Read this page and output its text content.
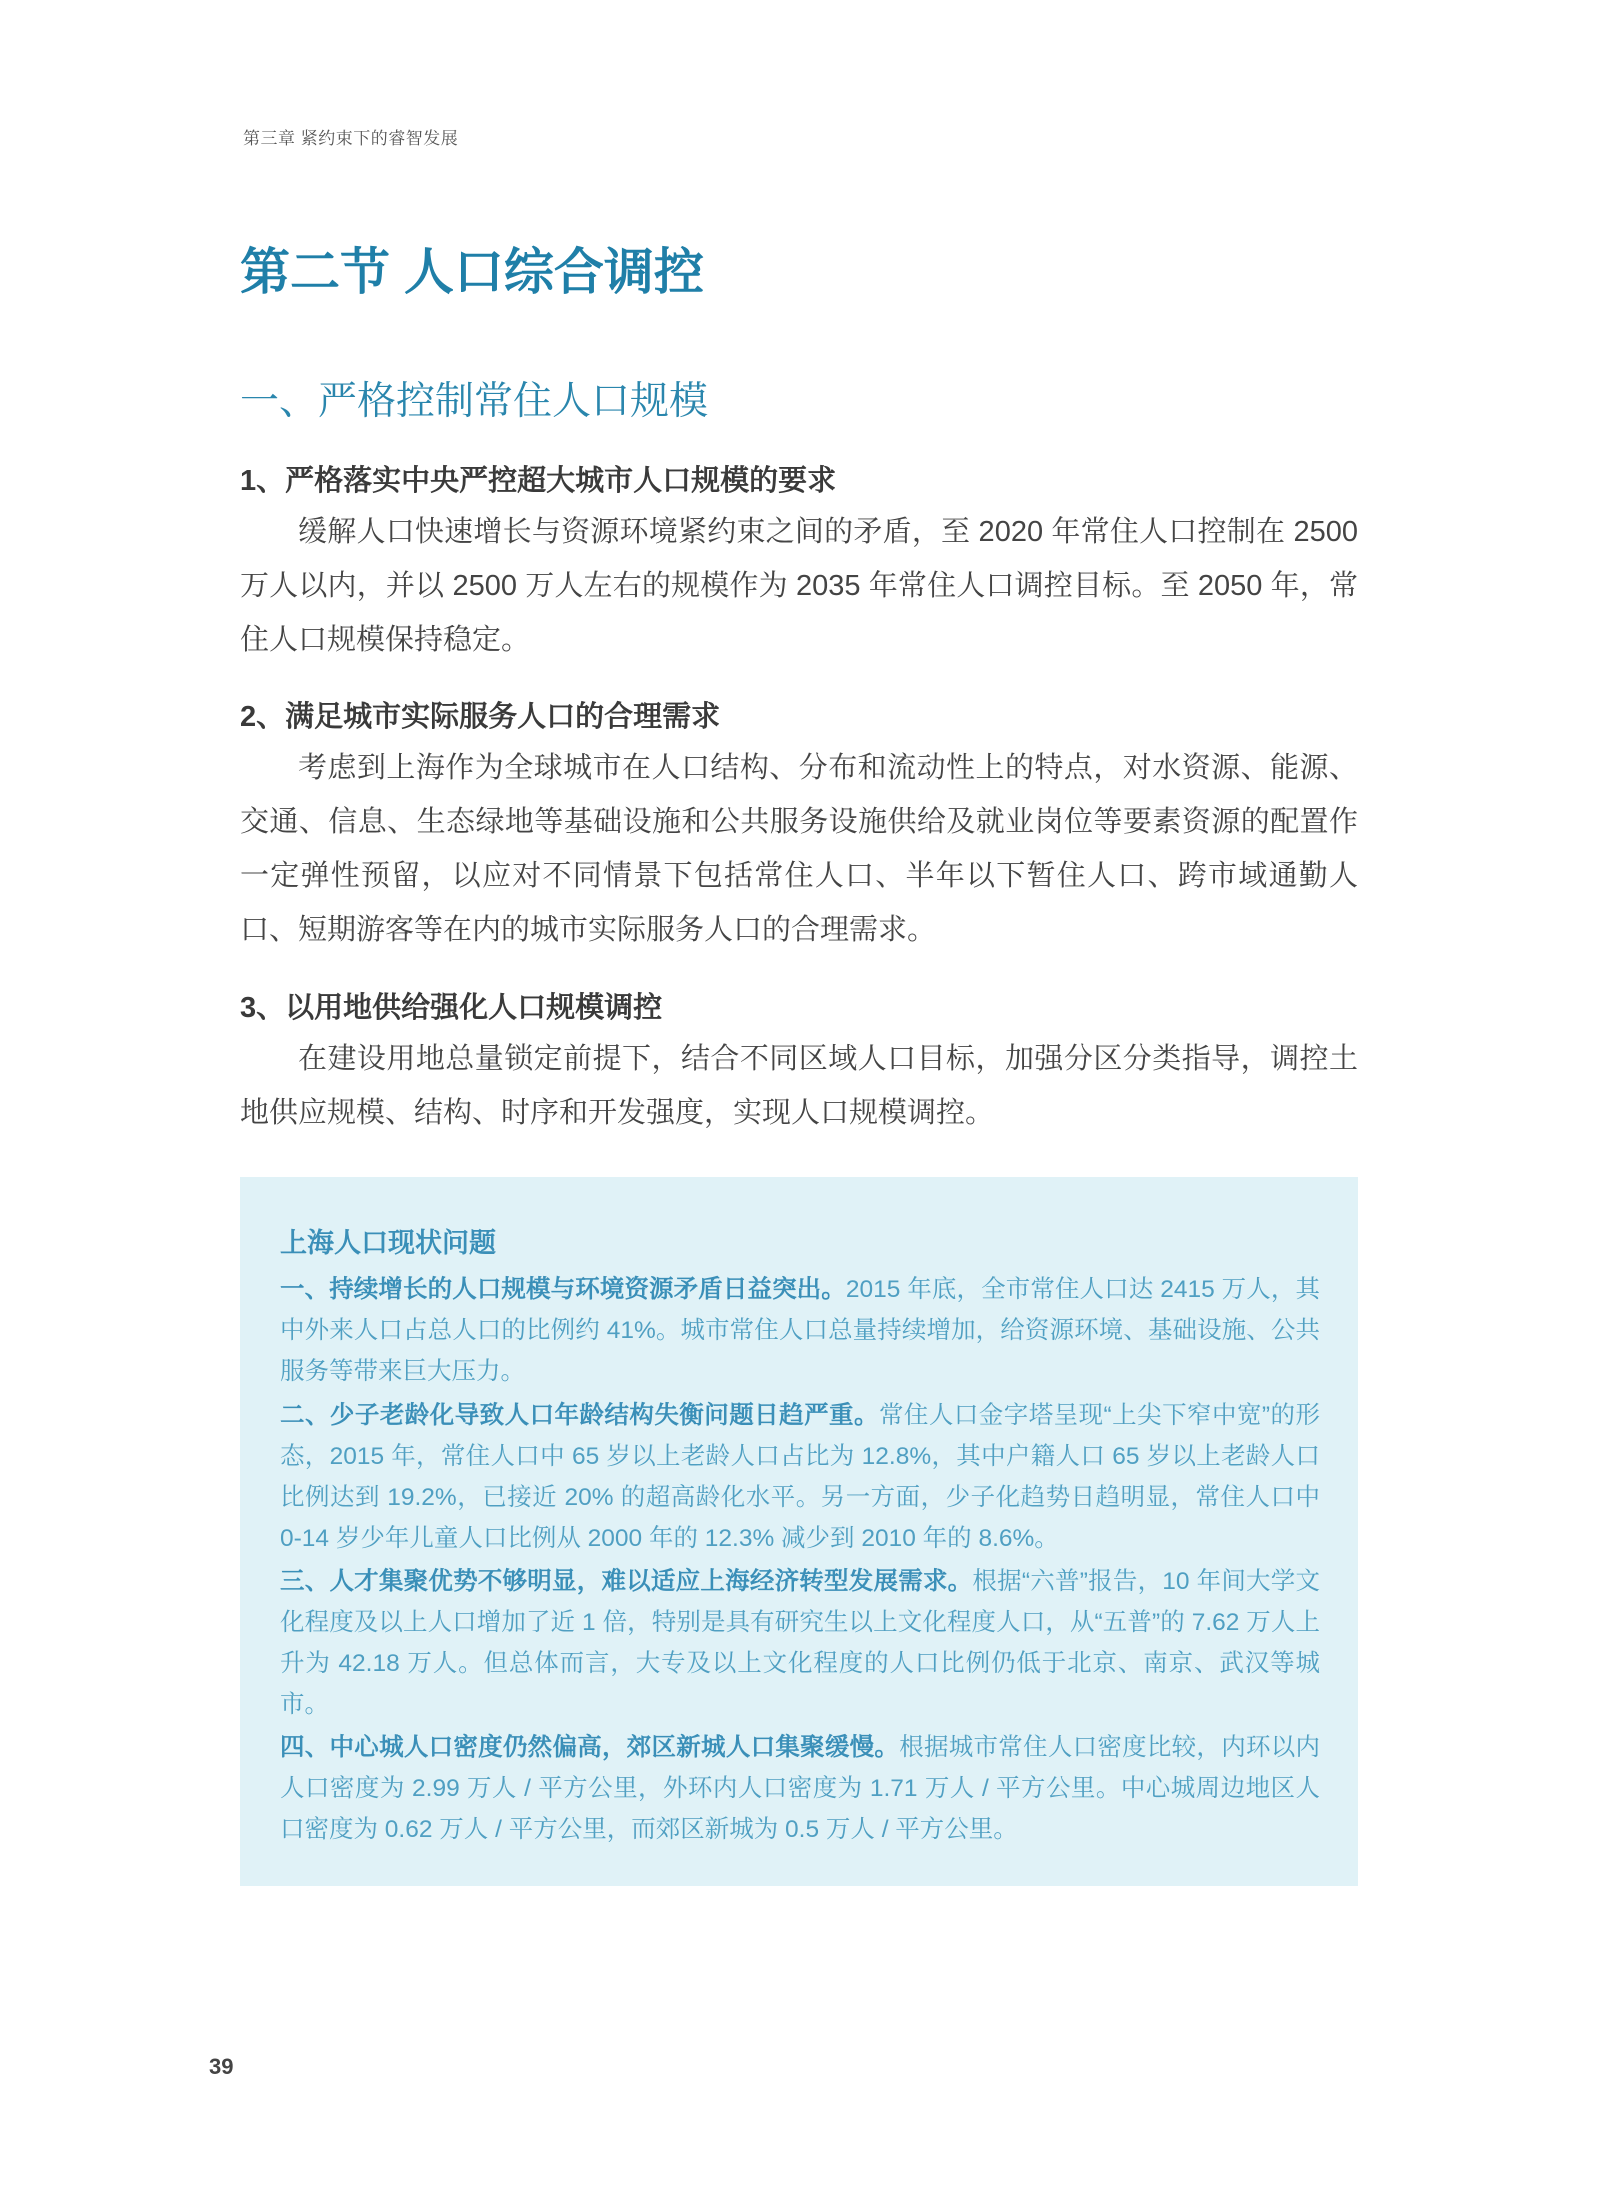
第三章 紧约束下的睿智发展
第二节 人口综合调控
一、严格控制常住人口规模
1、严格落实中央严控超大城市人口规模的要求
缓解人口快速增长与资源环境紧约束之间的矛盾，至 2020 年常住人口控制在 2500 万人以内，并以 2500 万人左右的规模作为 2035 年常住人口调控目标。至 2050 年，常住人口规模保持稳定。
2、满足城市实际服务人口的合理需求
考虑到上海作为全球城市在人口结构、分布和流动性上的特点，对水资源、能源、交通、信息、生态绿地等基础设施和公共服务设施供给及就业岗位等要素资源的配置作一定弹性预留，以应对不同情景下包括常住人口、半年以下暂住人口、跨市域通勤人口、短期游客等在内的城市实际服务人口的合理需求。
3、以用地供给强化人口规模调控
在建设用地总量锁定前提下，结合不同区域人口目标，加强分区分类指导，调控土地供应规模、结构、时序和开发强度，实现人口规模调控。
上海人口现状问题
一、持续增长的人口规模与环境资源矛盾日益突出。2015 年底，全市常住人口达 2415 万人，其中外来人口占总人口的比例约 41%。城市常住人口总量持续增加，给资源环境、基础设施、公共服务等带来巨大压力。
二、少子老龄化导致人口年龄结构失衡问题日趋严重。常住人口金字塔呈现“上尖下窄中宽”的形态，2015 年，常住人口中 65 岁以上老龄人口占比为 12.8%，其中户籍人口 65 岁以上老龄人口比例达到 19.2%，已接近 20% 的超高龄化水平。另一方面，少子化趋势日趋明显，常住人口中 0-14 岁少年儿童人口比例从 2000 年的 12.3% 减少到 2010 年的 8.6%。
三、人才集聚优势不够明显，难以适应上海经济转型发展需求。根据“六普”报告，10 年间大学文化程度及以上人口增加了近 1 倍，特别是具有研究生以上文化程度人口，从“五普”的 7.62 万人上升为 42.18 万人。但总体而言，大专及以上文化程度的人口比例仍低于北京、南京、武汉等城市。
四、中心城人口密度仍然偏高，郊区新城人口集聚缓慢。根据城市常住人口密度比较，内环以内人口密度为 2.99 万人 / 平方公里，外环内人口密度为 1.71 万人 / 平方公里。中心城周边地区人口密度为 0.62 万人 / 平方公里，而郊区新城为 0.5 万人 / 平方公里。
39
